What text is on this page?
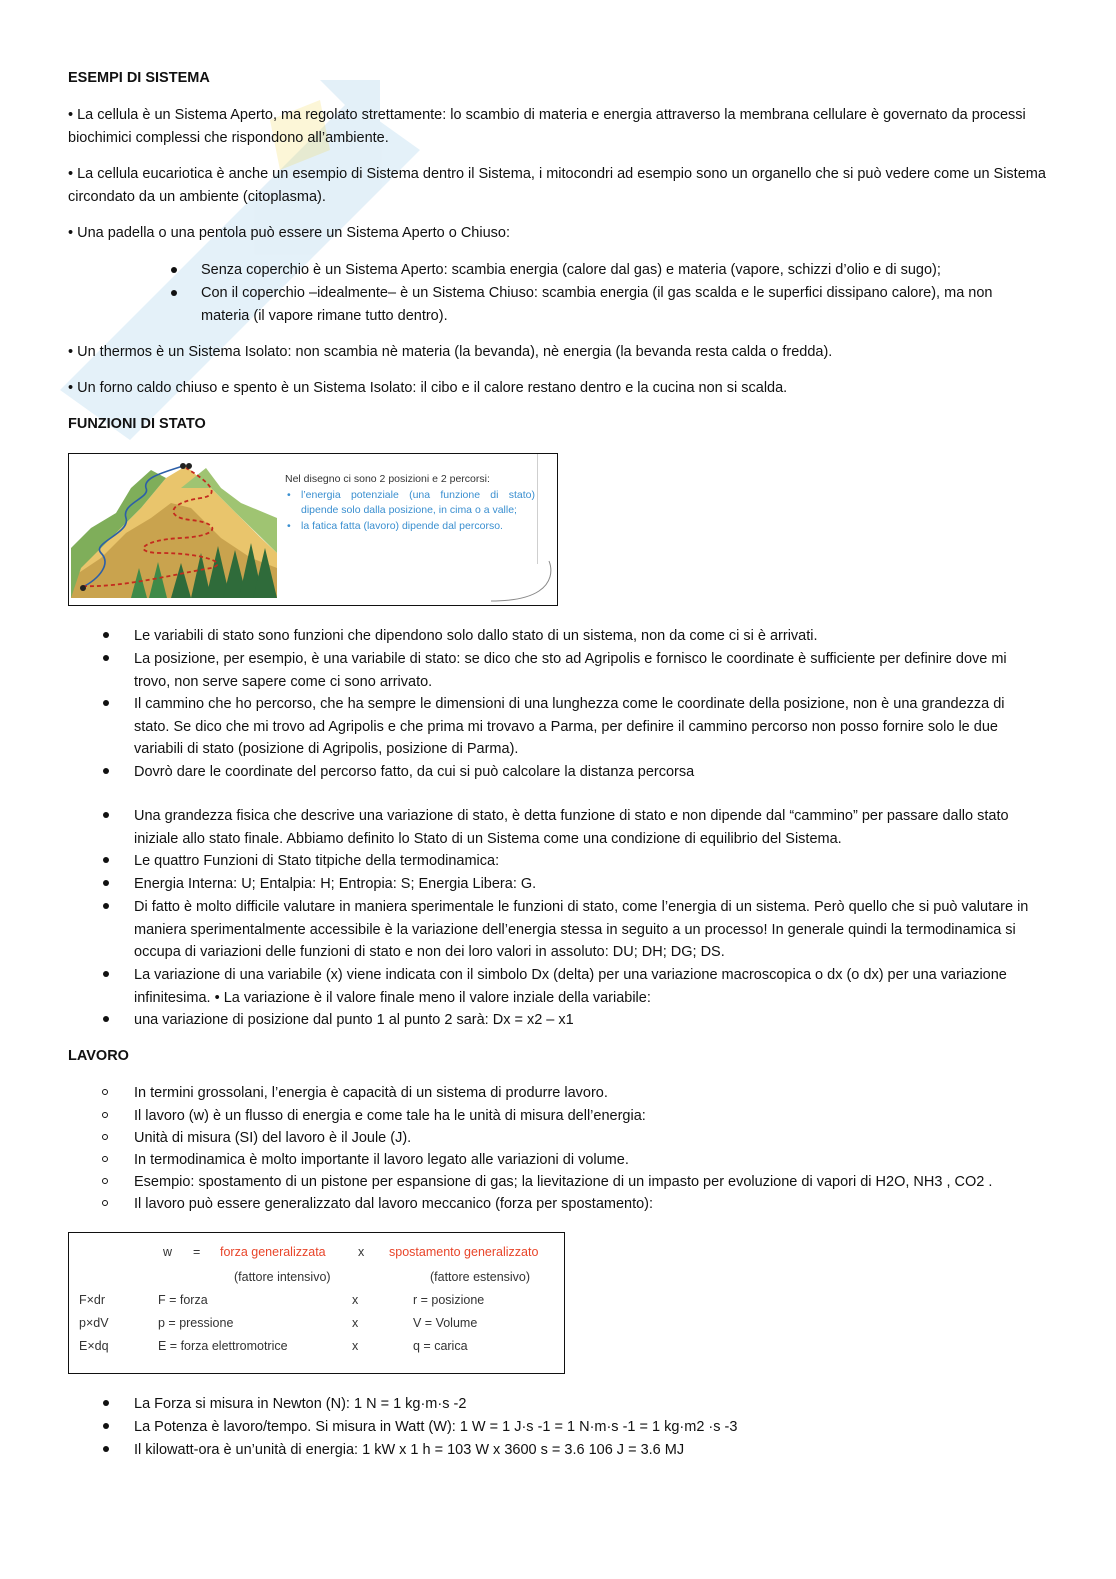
ESEMPI DI SISTEMA

• La cellula è un Sistema Aperto, ma regolato strettamente: lo scambio di materia e energia attraverso la membrana cellulare è governato da processi biochimici complessi che rispondono all’ambiente.

• La cellula eucariotica è anche un esempio di Sistema dentro il Sistema, i mitocondri ad esempio sono un organello che si può vedere come un Sistema circondato da un ambiente (citoplasma).

• Una padella o una pentola può essere un Sistema Aperto o Chiuso:

Senza coperchio è un Sistema Aperto: scambia energia (calore dal gas) e materia (vapore, schizzi d’olio e di sugo);

Con il coperchio –idealmente– è un Sistema Chiuso: scambia energia (il gas scalda e le superfici dissipano calore), ma non materia (il vapore rimane tutto dentro).

• Un thermos è un Sistema Isolato: non scambia nè materia (la bevanda), nè energia (la bevanda resta calda o fredda).

• Un forno caldo chiuso e spento è un Sistema Isolato: il cibo e il calore restano dentro e la cucina non si scalda.

FUNZIONI DI STATO

Nel disegno ci sono 2 posizioni e 2 percorsi:
• l’energia potenziale (una funzione di stato) dipende solo dalla posizione, in cima o a valle;
• la fatica fatta (lavoro) dipende dal percorso.

Le variabili di stato sono funzioni che dipendono solo dallo stato di un sistema, non da come ci si è arrivati.

La posizione, per esempio, è una variabile di stato: se dico che sto ad Agripolis e fornisco le coordinate è sufficiente per definire dove mi trovo, non serve sapere come ci sono arrivato.

Il cammino che ho percorso, che ha sempre le dimensioni di una lunghezza come le coordinate della posizione, non è una grandezza di stato. Se dico che mi trovo ad Agripolis e che prima mi trovavo a Parma, per definire il cammino percorso non posso fornire solo le due variabili di stato (posizione di Agripolis, posizione di Parma).

Dovrò dare le coordinate del percorso fatto, da cui si può calcolare la distanza percorsa

Una grandezza fisica che descrive una variazione di stato, è detta funzione di stato e non dipende dal “cammino” per passare dallo stato iniziale allo stato finale. Abbiamo definito lo Stato di un Sistema come una condizione di equilibrio del Sistema.

Le quattro Funzioni di Stato titpiche della termodinamica:

Energia Interna: U; Entalpia: H; Entropia: S; Energia Libera: G.

Di fatto è molto difficile valutare in maniera sperimentale le funzioni di stato, come l’energia di un sistema. Però quello che si può valutare in maniera sperimentalmente accessibile è la variazione dell’energia stessa in seguito a un processo! In generale quindi la termodinamica si occupa di variazioni delle funzioni di stato e non dei loro valori in assoluto: DU; DH; DG; DS.

La variazione di una variabile (x) viene indicata con il simbolo Dx (delta) per una variazione macroscopica o dx (o dx) per una variazione infinitesima. • La variazione è il valore finale meno il valore inziale della variabile:

una variazione di posizione dal punto 1 al punto 2 sarà: Dx = x2 – x1

LAVORO

In termini grossolani, l’energia è capacità di un sistema di produrre lavoro.

Il lavoro (w) è un flusso di energia e come tale ha le unità di misura dell’energia:

Unità di misura (SI) del lavoro è il Joule (J).

In termodinamica è molto importante il lavoro legato alle variazioni di volume.

Esempio: spostamento di un pistone per espansione di gas; la lievitazione di un impasto per evoluzione di vapori di H2O, NH3 , CO2 .

Il lavoro può essere generalizzato dal lavoro meccanico (forza per spostamento):

w = forza generalizzata	x spostamento generalizzato
(fattore intensivo)	(fattore estensivo)
F×dr	F = forza	x	r = posizione
p×dV	p = pressione	x	V = Volume
E×dq	E = forza elettromotrice	x	q = carica

La Forza si misura in Newton (N): 1 N = 1 kg·m·s -2

La Potenza è lavoro/tempo. Si misura in Watt (W): 1 W = 1 J·s -1 = 1 N·m·s -1 = 1 kg·m2 ·s -3

Il kilowatt-ora è un’unità di energia: 1 kW x 1 h = 103 W x 3600 s = 3.6 106 J = 3.6 MJ
